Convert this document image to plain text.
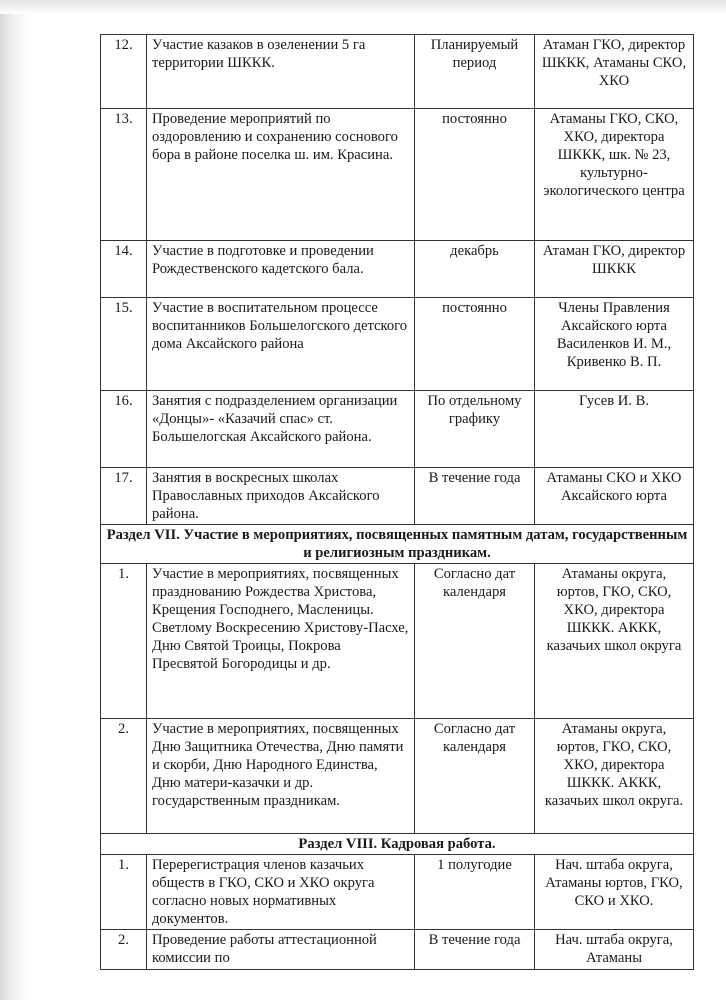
12.	Участие казаков в озеленении 5 га территории ШККК.	Планируемый период	Атаман ГКО, директор ШККК, Атаманы СКО, ХКО
13.	Проведение мероприятий по оздоровлению и сохранению соснового бора в районе поселка ш. им. Красина.	постоянно	Атаманы ГКО, СКО, ХКО, директора ШККК, шк. № 23, культурно-экологического центра
14.	Участие в подготовке и проведении Рождественского кадетского бала.	декабрь	Атаман ГКО, директор ШККК
15.	Участие в воспитательном процессе воспитанников Большелогского детского дома Аксайского района	постоянно	Члены Правления Аксайского юрта Василенков И. М., Кривенко В. П.
16.	Занятия с подразделением организации «Донцы»- «Казачий спас» ст. Большелогская Аксайского района.	По отдельному графику	Гусев И. В.
17.	Занятия в воскресных школах Православных приходов Аксайского района.	В течение года	Атаманы СКО и ХКО Аксайского юрта
Раздел VII. Участие в мероприятиях, посвященных памятным датам, государственным и религиозным праздникам.			
1.	Участие в мероприятиях, посвященных празднованию Рождества Христова, Крещения Господнего, Масленицы. Светлому Воскресению Христову-Пасхе, Дню Святой Троицы, Покрова Пресвятой Богородицы и др.	Согласно дат календаря	Атаманы округа, юртов, ГКО, СКО, ХКО, директора ШККК. АККК, казачьих школ округа
2.	Участие в мероприятиях, посвященных Дню Защитника Отечества, Дню памяти и скорби, Дню Народного Единства, Дню матери-казачки и др. государственным праздникам.	Согласно дат календаря	Атаманы округа, юртов, ГКО, СКО, ХКО, директора ШККК. АККК, казачьих школ округа.
Раздел VIII. Кадровая работа.			
1.	Перерегистрация членов казачьих обществ в ГКО, СКО и ХКО округа согласно новых нормативных документов.	1 полугодие	Нач. штаба округа, Атаманы юртов, ГКО, СКО и ХКО.
2.	Проведение работы аттестационной комиссии по	В течение года	Нач. штаба округа, Атаманы
